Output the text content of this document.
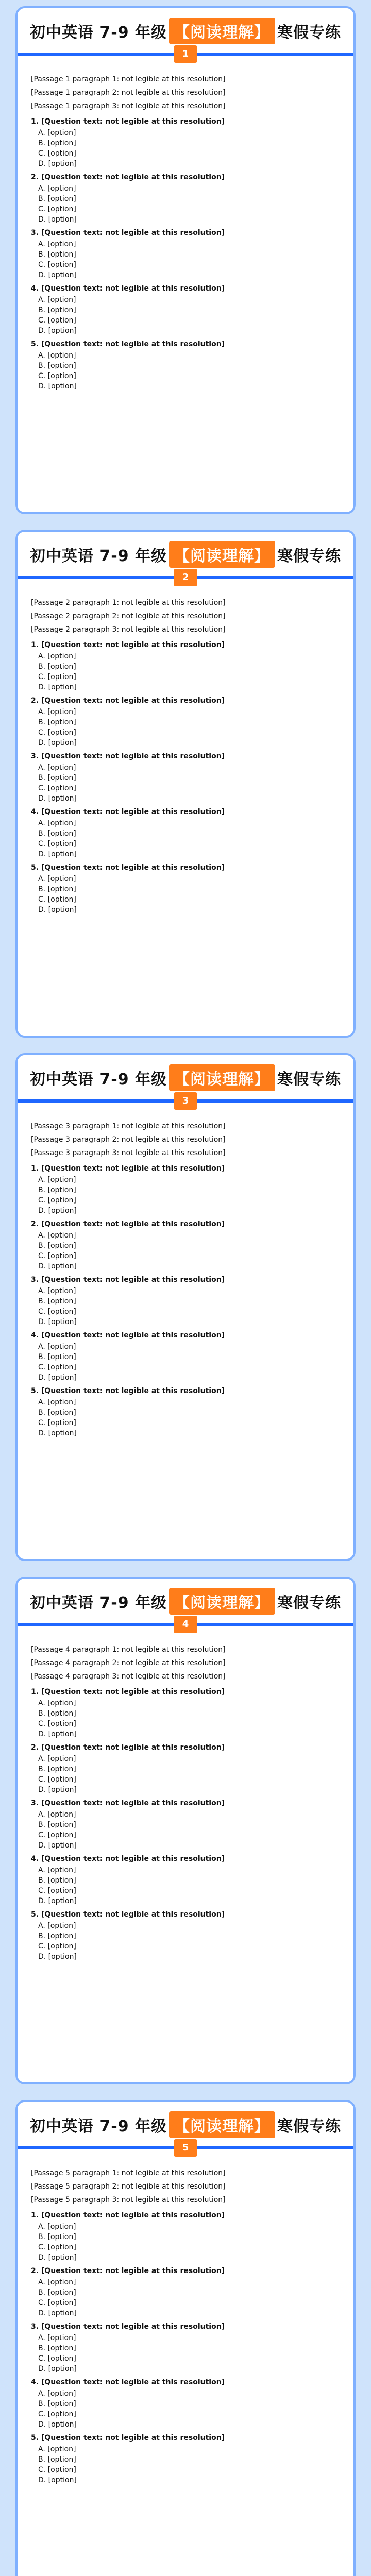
初中英语 7-9 年级 【阅读理解】 寒假专练
1

[Passage 1 paragraph 1: not legible at this resolution]

[Passage 1 paragraph 2: not legible at this resolution]

[Passage 1 paragraph 3: not legible at this resolution]

1. [Question text: not legible at this resolution]
A. [option]
B. [option]
C. [option]
D. [option]
2. [Question text: not legible at this resolution]
A. [option]
B. [option]
C. [option]
D. [option]
3. [Question text: not legible at this resolution]
A. [option]
B. [option]
C. [option]
D. [option]
4. [Question text: not legible at this resolution]
A. [option]
B. [option]
C. [option]
D. [option]
5. [Question text: not legible at this resolution]
A. [option]
B. [option]
C. [option]
D. [option]
初中英语 7-9 年级 【阅读理解】 寒假专练
2

[Passage 2 paragraph 1: not legible at this resolution]

[Passage 2 paragraph 2: not legible at this resolution]

[Passage 2 paragraph 3: not legible at this resolution]

1. [Question text: not legible at this resolution]
A. [option]
B. [option]
C. [option]
D. [option]
2. [Question text: not legible at this resolution]
A. [option]
B. [option]
C. [option]
D. [option]
3. [Question text: not legible at this resolution]
A. [option]
B. [option]
C. [option]
D. [option]
4. [Question text: not legible at this resolution]
A. [option]
B. [option]
C. [option]
D. [option]
5. [Question text: not legible at this resolution]
A. [option]
B. [option]
C. [option]
D. [option]
初中英语 7-9 年级 【阅读理解】 寒假专练
3

[Passage 3 paragraph 1: not legible at this resolution]

[Passage 3 paragraph 2: not legible at this resolution]

[Passage 3 paragraph 3: not legible at this resolution]

1. [Question text: not legible at this resolution]
A. [option]
B. [option]
C. [option]
D. [option]
2. [Question text: not legible at this resolution]
A. [option]
B. [option]
C. [option]
D. [option]
3. [Question text: not legible at this resolution]
A. [option]
B. [option]
C. [option]
D. [option]
4. [Question text: not legible at this resolution]
A. [option]
B. [option]
C. [option]
D. [option]
5. [Question text: not legible at this resolution]
A. [option]
B. [option]
C. [option]
D. [option]
初中英语 7-9 年级 【阅读理解】 寒假专练
4

[Passage 4 paragraph 1: not legible at this resolution]

[Passage 4 paragraph 2: not legible at this resolution]

[Passage 4 paragraph 3: not legible at this resolution]

1. [Question text: not legible at this resolution]
A. [option]
B. [option]
C. [option]
D. [option]
2. [Question text: not legible at this resolution]
A. [option]
B. [option]
C. [option]
D. [option]
3. [Question text: not legible at this resolution]
A. [option]
B. [option]
C. [option]
D. [option]
4. [Question text: not legible at this resolution]
A. [option]
B. [option]
C. [option]
D. [option]
5. [Question text: not legible at this resolution]
A. [option]
B. [option]
C. [option]
D. [option]
初中英语 7-9 年级 【阅读理解】 寒假专练
5

[Passage 5 paragraph 1: not legible at this resolution]

[Passage 5 paragraph 2: not legible at this resolution]

[Passage 5 paragraph 3: not legible at this resolution]

1. [Question text: not legible at this resolution]
A. [option]
B. [option]
C. [option]
D. [option]
2. [Question text: not legible at this resolution]
A. [option]
B. [option]
C. [option]
D. [option]
3. [Question text: not legible at this resolution]
A. [option]
B. [option]
C. [option]
D. [option]
4. [Question text: not legible at this resolution]
A. [option]
B. [option]
C. [option]
D. [option]
5. [Question text: not legible at this resolution]
A. [option]
B. [option]
C. [option]
D. [option]
